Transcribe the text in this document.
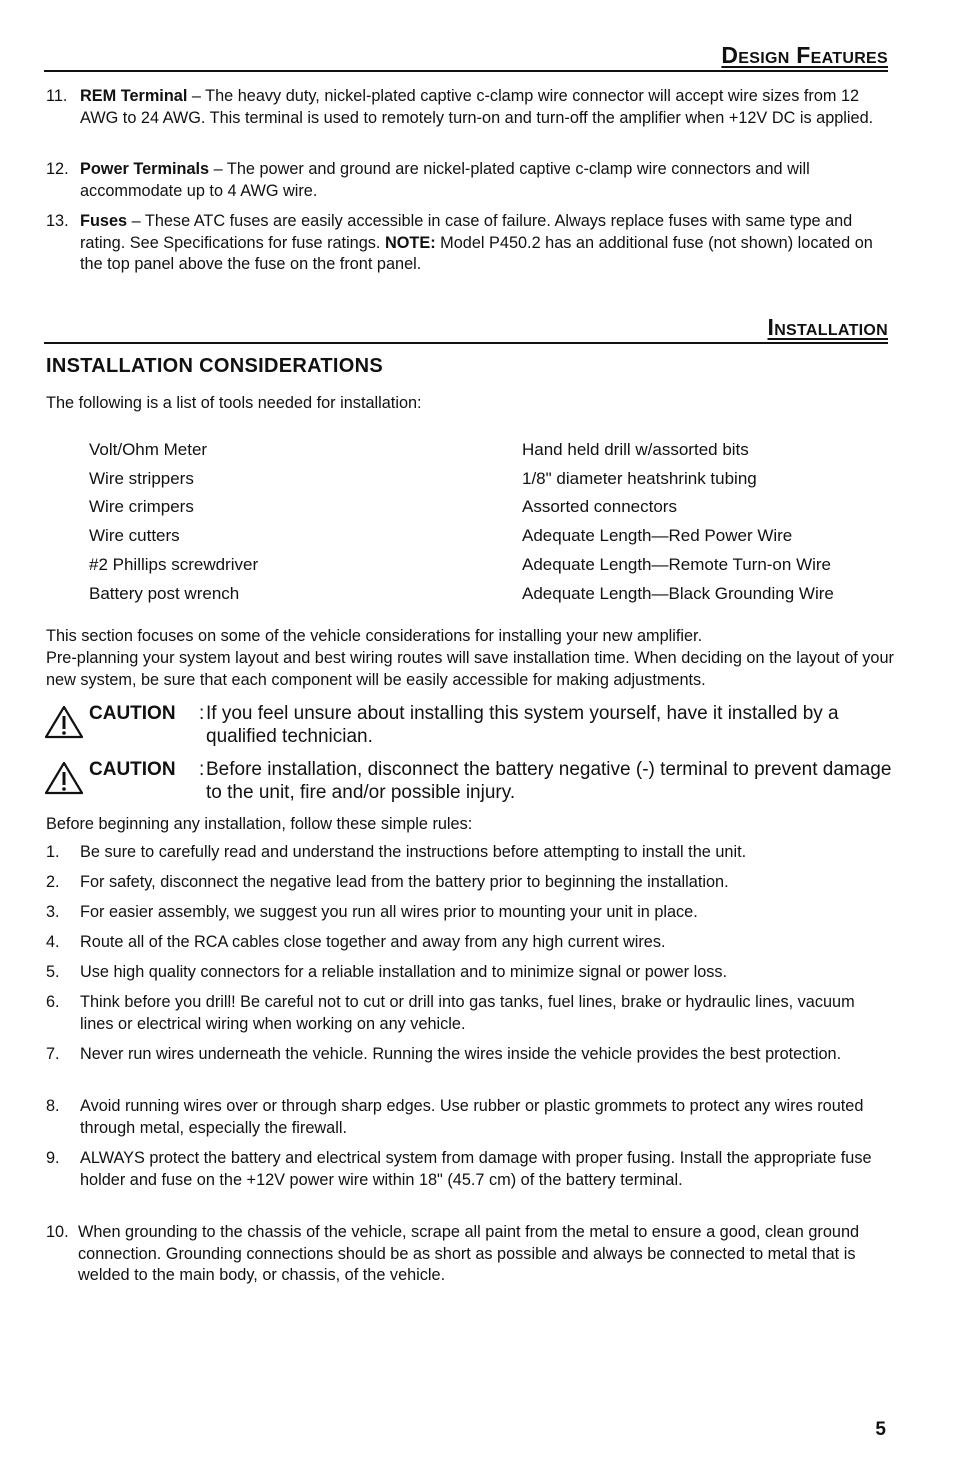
Design Features
11. REM Terminal – The heavy duty, nickel-plated captive c-clamp wire connector will accept wire sizes from 12 AWG to 24 AWG. This terminal is used to remotely turn-on and turn-off the amplifier when +12V DC is applied.
12. Power Terminals – The power and ground are nickel-plated captive c-clamp wire connectors and will accommodate up to 4 AWG wire.
13. Fuses – These ATC fuses are easily accessible in case of failure. Always replace fuses with same type and rating. See Specifications for fuse ratings. NOTE: Model P450.2 has an additional fuse (not shown) located on the top panel above the fuse on the front panel.
Installation
INSTALLATION CONSIDERATIONS
The following is a list of tools needed for installation:
Volt/Ohm Meter
Wire strippers
Wire crimpers
Wire cutters
#2 Phillips screwdriver
Battery post wrench
Hand held drill w/assorted bits
1/8" diameter heatshrink tubing
Assorted connectors
Adequate Length—Red Power Wire
Adequate Length—Remote Turn-on Wire
Adequate Length—Black Grounding Wire
This section focuses on some of the vehicle considerations for installing your new amplifier.
Pre-planning your system layout and best wiring routes will save installation time. When deciding on the layout of your new system, be sure that each component will be easily accessible for making adjustments.
CAUTION : If you feel unsure about installing this system yourself, have it installed by a qualified technician.
CAUTION : Before installation, disconnect the battery negative (-) terminal to prevent damage to the unit, fire and/or possible injury.
Before beginning any installation, follow these simple rules:
1. Be sure to carefully read and understand the instructions before attempting to install the unit.
2. For safety, disconnect the negative lead from the battery prior to beginning the installation.
3. For easier assembly, we suggest you run all wires prior to mounting your unit in place.
4. Route all of the RCA cables close together and away from any high current wires.
5. Use high quality connectors for a reliable installation and to minimize signal or power loss.
6. Think before you drill! Be careful not to cut or drill into gas tanks, fuel lines, brake or hydraulic lines, vacuum lines or electrical wiring when working on any vehicle.
7. Never run wires underneath the vehicle. Running the wires inside the vehicle provides the best protection.
8. Avoid running wires over or through sharp edges. Use rubber or plastic grommets to protect any wires routed through metal, especially the firewall.
9. ALWAYS protect the battery and electrical system from damage with proper fusing. Install the appropriate fuse holder and fuse on the +12V power wire within 18" (45.7 cm) of the battery terminal.
10. When grounding to the chassis of the vehicle, scrape all paint from the metal to ensure a good, clean ground connection. Grounding connections should be as short as possible and always be connected to metal that is welded to the main body, or chassis, of the vehicle.
5
